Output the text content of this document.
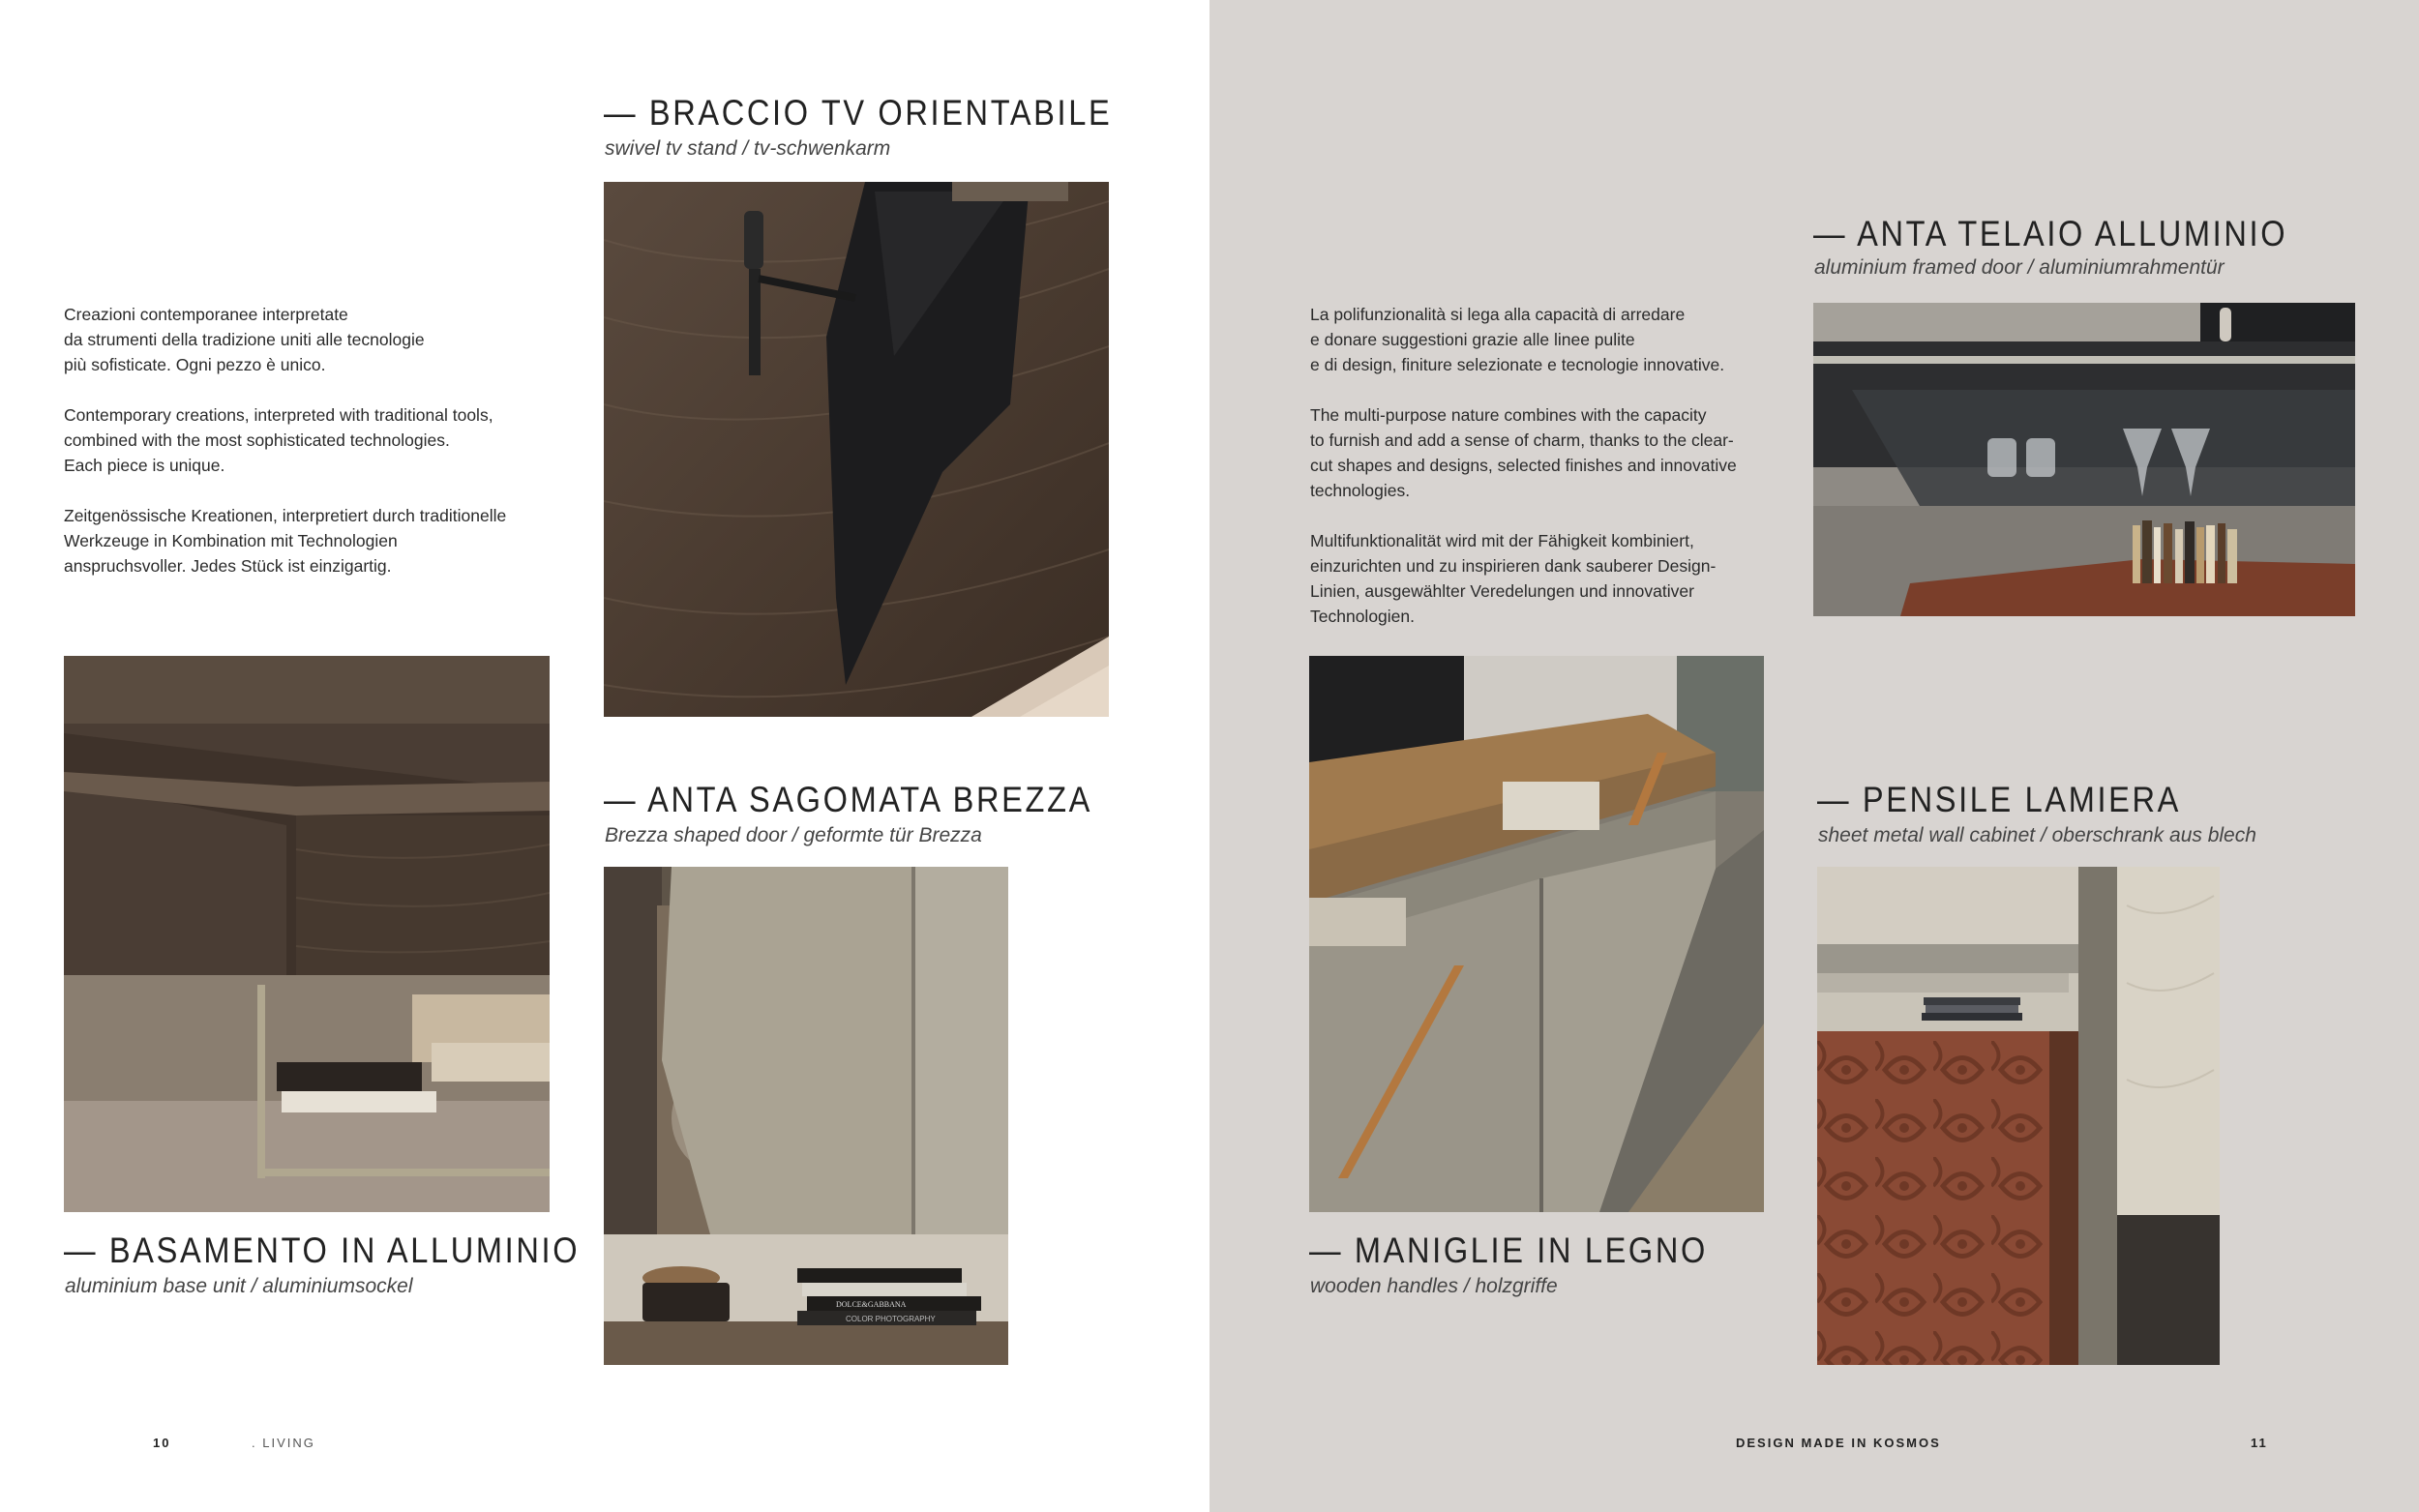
Creazioni contemporanee interpretate
da strumenti della tradizione uniti alle tecnologie
più sofisticate. Ogni pezzo è unico.

Contemporary creations, interpreted with traditional tools,
combined with the most sophisticated technologies.
Each piece is unique.

Zeitgenössische Kreationen, interpretiert durch traditionelle
Werkzeuge in Kombination mit Technologien
anspruchsvoller. Jedes Stück ist einzigartig.

— BRACCIO TV ORIENTABILE
swivel tv stand / tv-schwenkarm
— BASAMENTO IN ALLUMINIO
aluminium base unit / aluminiumsockel
— ANTA SAGOMATA BREZZA
Brezza shaped door / geformte tür Brezza
DOLCE&GABBANA
COLOR PHOTOGRAPHY
10	. LIVING

La polifunzionalità si lega alla capacità di arredare
e donare suggestioni grazie alle linee pulite
e di design, finiture selezionate e tecnologie innovative.

The multi-purpose nature combines with the capacity
to furnish and add a sense of charm, thanks to the clear-
cut shapes and designs, selected finishes and innovative
technologies.

Multifunktionalität wird mit der Fähigkeit kombiniert,
einzurichten und zu inspirieren dank sauberer Design-
Linien, ausgewählter Veredelungen und innovativer
Technologien.

— ANTA TELAIO ALLUMINIO
aluminium framed door / aluminiumrahmentür
— MANIGLIE IN LEGNO
wooden handles / holzgriffe
— PENSILE LAMIERA
sheet metal wall cabinet / oberschrank aus blech
DESIGN MADE IN KOSMOS	11
